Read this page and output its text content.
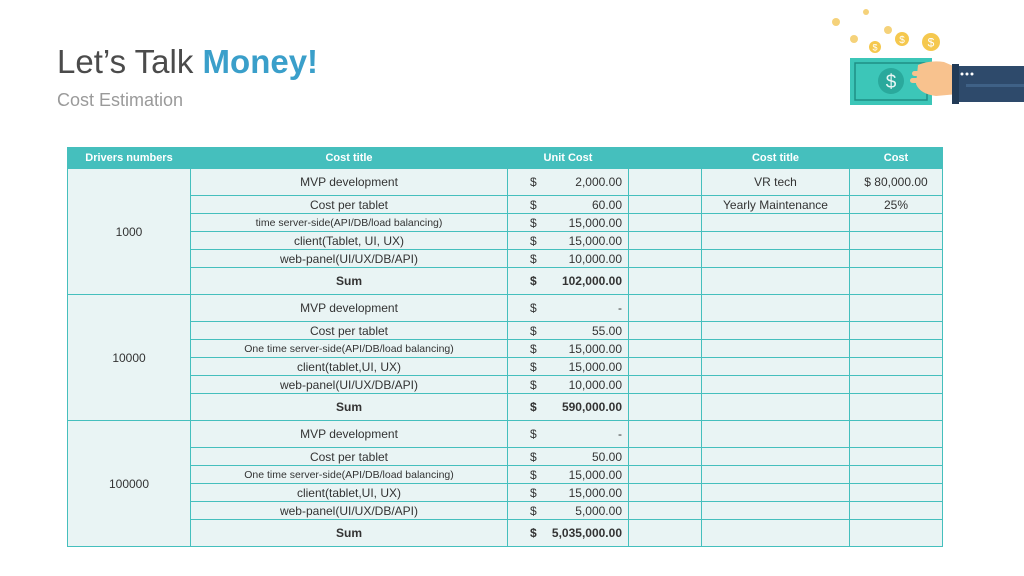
Let’s Talk Money!
Cost Estimation
$
$ $
$
Drivers numbers	Cost title	Unit Cost		Cost title	Cost
1000	MVP development	$ 2,000.00		VR tech	$ 80,000.00
	Cost per tablet	$ 60.00		Yearly Maintenance	25%
	time server-side(API/DB/load balancing)	$ 15,000.00			

	client(Tablet, UI, UX)	$ 15,000.00			

	web-panel(UI/UX/DB/API)	$ 10,000.00			

	Sum	$ 102,000.00			

10000	MVP development	$ -			

	Cost per tablet	$ 55.00			

	One time server-side(API/DB/load balancing)	$ 15,000.00			

	client(tablet,UI, UX)	$ 15,000.00			

	web-panel(UI/UX/DB/API)	$ 10,000.00			

	Sum	$ 590,000.00			

100000	MVP development	$ -			

	Cost per tablet	$ 50.00			

	One time server-side(API/DB/load balancing)	$ 15,000.00			

	client(tablet,UI, UX)	$ 15,000.00			

	web-panel(UI/UX/DB/API)	$ 5,000.00			

	Sum	$ 5,035,000.00			
